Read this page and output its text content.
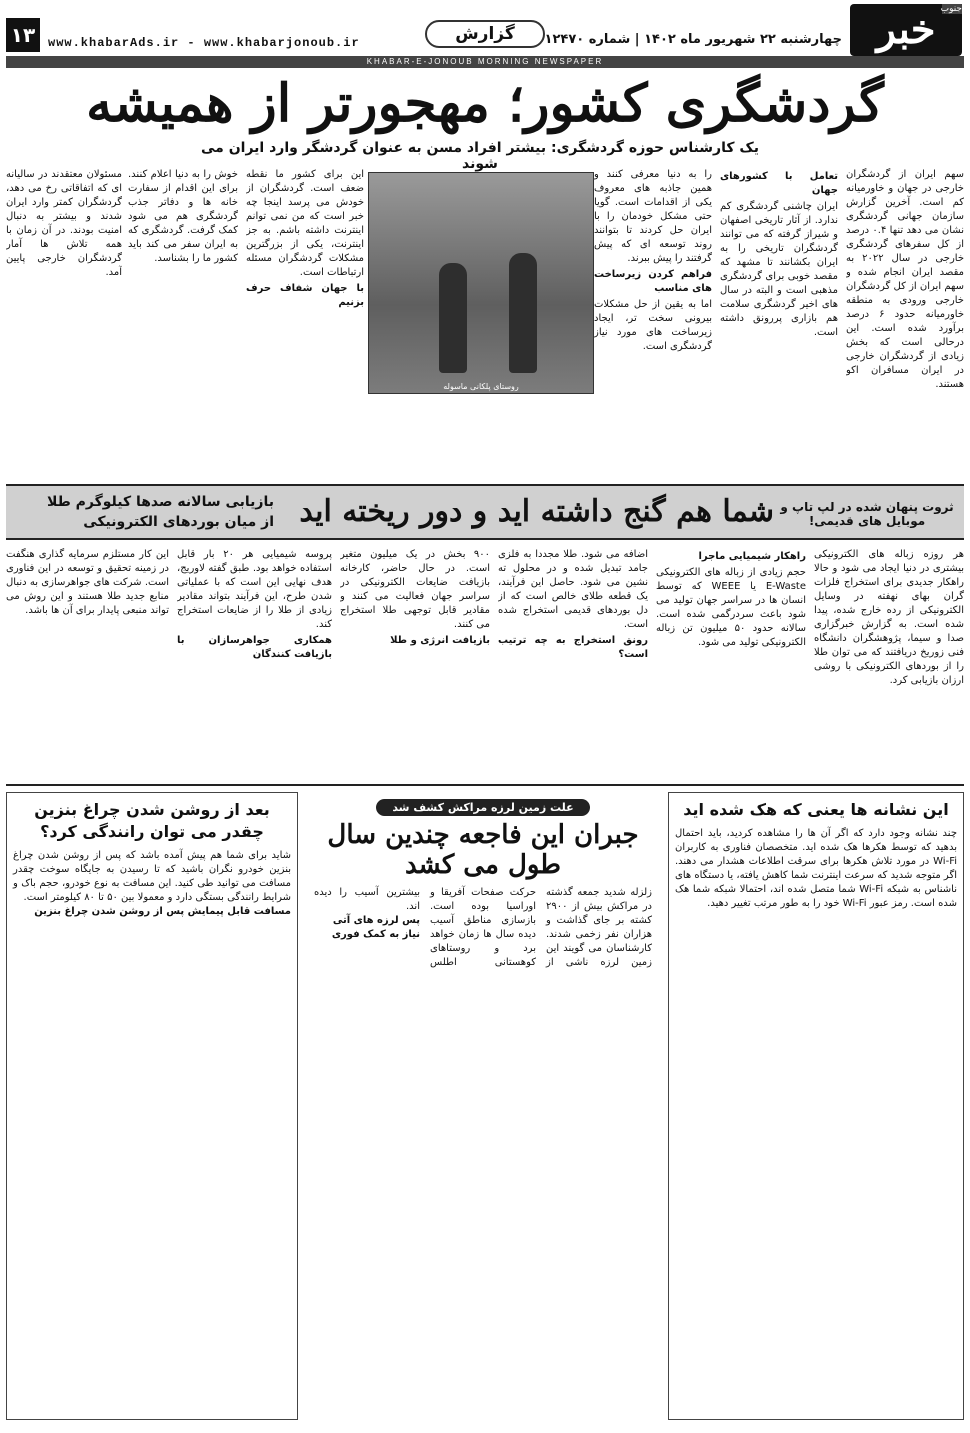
خبر جنوب
چهارشنبه ۲۲ شهریور ماه ۱۴۰۲ | شماره ۱۲۴۷۰
گزارش
www.khabarAds.ir - www.khabarjonoub.ir
۱۳
KHABAR-E-JONOUB MORNING NEWSPAPER
گردشگری کشور؛ مهجورتر از همیشه
یک کارشناس حوزه گردشگری: بیشتر افراد مسن به عنوان گردشگر وارد ایران می شوند
سهم ایران از گردشگران خارجی در جهان و خاورمیانه کم است. آخرین گزارش سازمان جهانی گردشگری نشان می دهد تنها ۰.۴ درصد از کل سفرهای گردشگری خارجی در سال ۲۰۲۲ به مقصد ایران انجام شده و سهم ایران از کل گردشگران خارجی ورودی به منطقه خاورمیانه حدود ۶ درصد برآورد شده است. این درحالی است که بخش زیادی از گردشگران خارجی در ایران مسافران اکو هستند.
تعامل با کشورهای جهان
ایران چاشنی گردشگری کم ندارد. از آثار تاریخی اصفهان و شیراز گرفته که می توانند گردشگران تاریخی را به ایران بکشانند تا مشهد که مقصد خوبی برای گردشگری مذهبی است و البته در سال های اخیر گردشگری سلامت هم بازاری پررونق داشته است.
را به دنیا معرفی کنند و همین جاذبه های معروف یکی از اقدامات است. گویا حتی مشکل خودمان را با ایران حل کردند تا بتوانند روند توسعه ای که پیش گرفتند را پیش ببرند.
فراهم کردن زیرساخت های مناسب
اما به یقین از حل مشکلات بیرونی سخت تر، ایجاد زیرساخت های مورد نیاز گردشگری است.
این برای کشور ما نقطه ضعف است. گردشگران از خودش می پرسد اینجا چه خبر است که من نمی توانم اینترنت داشته باشم. به جز اینترنت، یکی از بزرگترین مشکلات گردشگران مسئله ارتباطات است.
با جهان شفاف حرف بزنیم
خوش را به دنیا اعلام کنند. برای این اقدام از سفارت خانه ها و دفاتر جذب گردشگری هم می شود کمک گرفت. گردشگری که به ایران سفر می کند باید کشور ما را بشناسد.
مسئولان معتقدند در سالیانه ای که اتفاقاتی رخ می دهد، گردشگران کمتر وارد ایران شدند و بیشتر به دنبال امنیت بودند. در آن زمان با همه تلاش ها آمار گردشگران خارجی پایین آمد.
روستای پلکانی ماسوله
ثروت پنهان شده در لپ تاپ و موبایل های قدیمی!
شما هم گنج داشته اید و دور ریخته اید
بازیابی سالانه صدها کیلوگرم طلا
از میان بوردهای الکترونیکی
هر روزه زباله های الکترونیکی بیشتری در دنیا ایجاد می شود و حالا راهکار جدیدی برای استخراج فلزات گران بهای نهفته در وسایل الکترونیکی از رده خارج شده، پیدا شده است. به گزارش خبرگزاری صدا و سیما، پژوهشگران دانشگاه فنی زوریخ دریافتند که می توان طلا را از بوردهای الکترونیکی با روشی ارزان بازیابی کرد.
راهکار شیمیایی ماجرا
حجم زیادی از زباله های الکترونیکی E-Waste یا WEEE که توسط انسان ها در سراسر جهان تولید می شود باعث سردرگمی شده است. سالانه حدود ۵۰ میلیون تن زباله الکترونیکی تولید می شود.
اضافه می شود. طلا مجددا به فلزی جامد تبدیل شده و در محلول ته نشین می شود. حاصل این فرآیند، یک قطعه طلای خالص است که از دل بوردهای قدیمی استخراج شده است.
رونق استخراج به چه ترتیب است؟
۹۰۰ بخش در یک میلیون متغیر است. در حال حاضر، کارخانه بازیافت ضایعات الکترونیکی در سراسر جهان فعالیت می کنند و مقادیر قابل توجهی طلا استخراج می کنند.
بازیافت انرژی و طلا
پروسه شیمیایی هر ۲۰ بار قابل استفاده خواهد بود. طبق گفته لاوریج، هدف نهایی این است که با عملیاتی شدن طرح، این فرآیند بتواند مقادیر زیادی از طلا را از ضایعات استخراج کند.
همکاری جواهرسازان با بازیافت کنندگان
این کار مستلزم سرمایه گذاری هنگفت در زمینه تحقیق و توسعه در این فناوری است. شرکت های جواهرسازی به دنبال منابع جدید طلا هستند و این روش می تواند منبعی پایدار برای آن ها باشد.
این نشانه ها یعنی که هک شده اید
چند نشانه وجود دارد که اگر آن ها را مشاهده کردید، باید احتمال بدهید که توسط هکرها هک شده اید. متخصصان فناوری به کاربران Wi-Fi در مورد تلاش هکرها برای سرقت اطلاعات هشدار می دهند. اگر متوجه شدید که سرعت اینترنت شما کاهش یافته، یا دستگاه های ناشناس به شبکه Wi-Fi شما متصل شده اند، احتمالا شبکه شما هک شده است. رمز عبور Wi-Fi خود را به طور مرتب تغییر دهید.
علت زمین لرزه مراکش کشف شد
جبران این فاجعه چندین سال طول می کشد
زلزله شدید جمعه گذشته در مراکش بیش از ۲۹۰۰ کشته بر جای گذاشت و هزاران نفر زخمی شدند. کارشناسان می گویند این زمین لرزه ناشی از حرکت صفحات آفریقا و اوراسیا بوده است. بازسازی مناطق آسیب دیده سال ها زمان خواهد برد و روستاهای کوهستانی اطلس بیشترین آسیب را دیده اند.
پس لرزه های آتی
نیاز به کمک فوری
بعد از روشن شدن چراغ بنزین چقدر می توان رانندگی کرد؟
شاید برای شما هم پیش آمده باشد که پس از روشن شدن چراغ بنزین خودرو نگران باشید که تا رسیدن به جایگاه سوخت چقدر مسافت می توانید طی کنید. این مسافت به نوع خودرو، حجم باک و شرایط رانندگی بستگی دارد و معمولا بین ۵۰ تا ۸۰ کیلومتر است.
مسافت قابل پیمایش پس از روشن شدن چراغ بنزین
